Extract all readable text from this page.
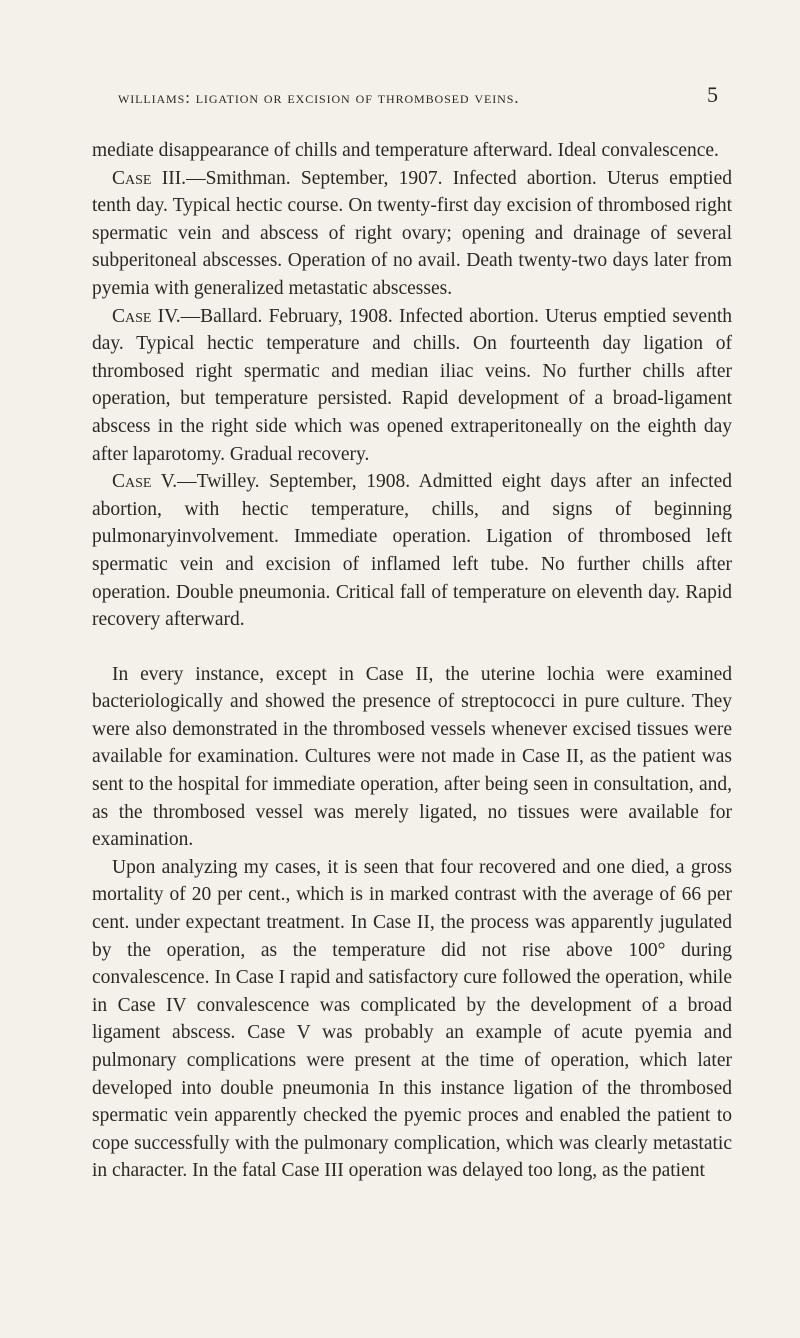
williams: ligation or excision of thrombosed veins.	5

mediate disappearance of chills and temperature afterward. Ideal convalescence.

Case III.—Smithman. September, 1907. Infected abortion. Uterus emptied tenth day. Typical hectic course. On twenty-first day excision of thrombosed right spermatic vein and abscess of right ovary; opening and drainage of several subperitoneal abscesses. Operation of no avail. Death twenty-two days later from pyemia with generalized metastatic abscesses.

Case IV.—Ballard. February, 1908. Infected abortion. Uterus emptied seventh day. Typical hectic temperature and chills. On fourteenth day ligation of thrombosed right spermatic and median iliac veins. No further chills after operation, but temperature persisted. Rapid development of a broad-ligament abscess in the right side which was opened extraperitoneally on the eighth day after laparotomy. Gradual recovery.

Case V.—Twilley. September, 1908. Admitted eight days after an infected abortion, with hectic temperature, chills, and signs of beginning pulmonaryinvolvement. Immediate operation. Ligation of thrombosed left spermatic vein and excision of inflamed left tube. No further chills after operation. Double pneumonia. Critical fall of temperature on eleventh day. Rapid recovery afterward.

In every instance, except in Case II, the uterine lochia were examined bacteriologically and showed the presence of streptococci in pure culture. They were also demonstrated in the thrombosed vessels whenever excised tissues were available for examination. Cultures were not made in Case II, as the patient was sent to the hospital for immediate operation, after being seen in consultation, and, as the thrombosed vessel was merely ligated, no tissues were available for examination.

Upon analyzing my cases, it is seen that four recovered and one died, a gross mortality of 20 per cent., which is in marked contrast with the average of 66 per cent. under expectant treatment. In Case II, the process was apparently jugulated by the operation, as the temperature did not rise above 100° during convalescence. In Case I rapid and satisfactory cure followed the operation, while in Case IV convalescence was complicated by the development of a broad ligament abscess. Case V was probably an example of acute pyemia and pulmonary complications were present at the time of operation, which later developed into double pneumonia In this instance ligation of the thrombosed spermatic vein apparently checked the pyemic proces and enabled the patient to cope successfully with the pulmonary complication, which was clearly metastatic in character. In the fatal Case III operation was delayed too long, as the patient
